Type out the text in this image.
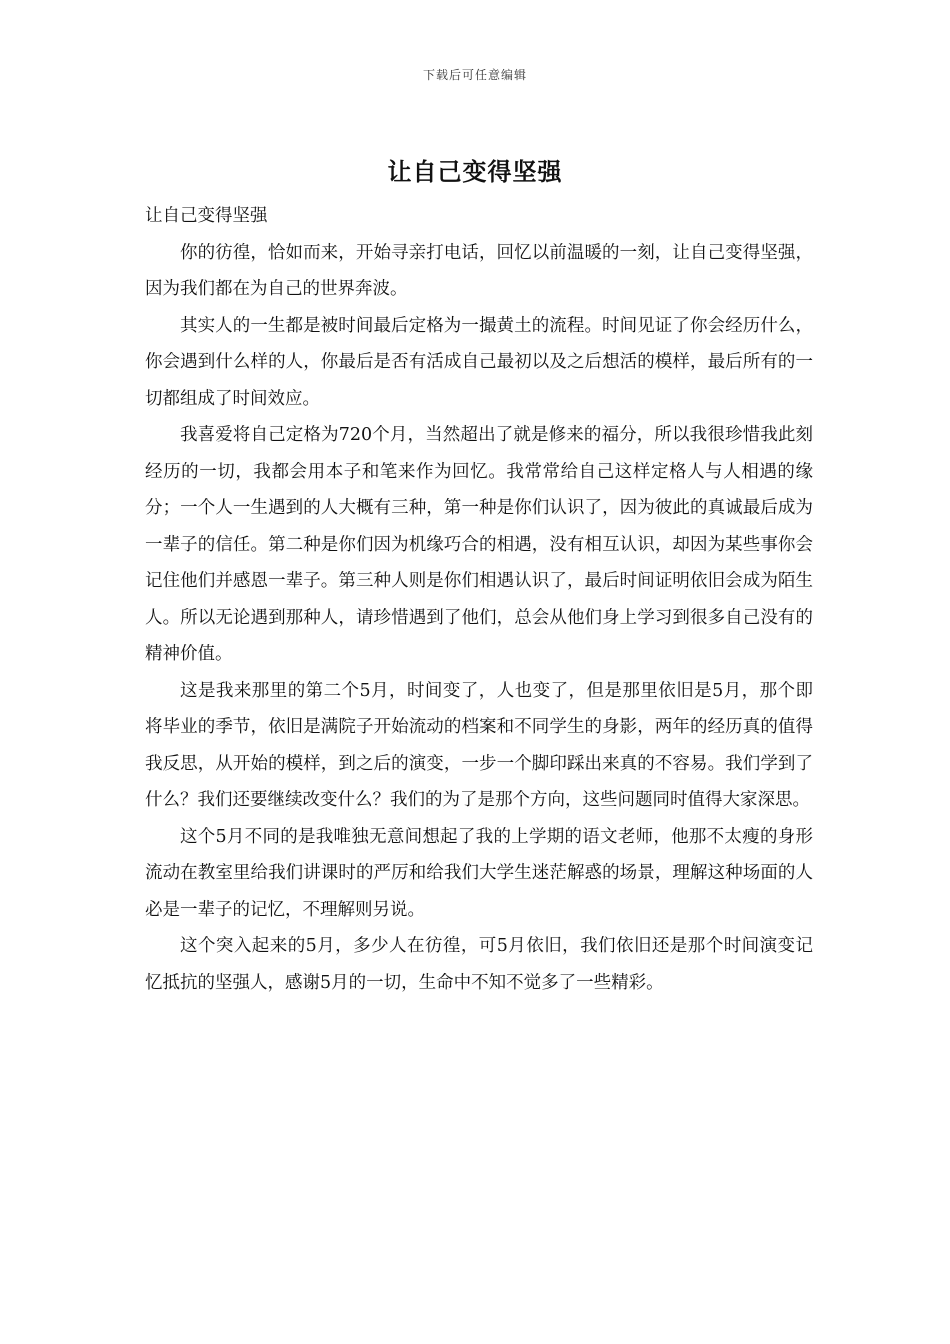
下载后可任意编辑
让自己变得坚强

让自己变得坚强

你的彷徨，恰如而来，开始寻亲打电话，回忆以前温暖的一刻，让自己变得坚强，因为我们都在为自己的世界奔波。

其实人的一生都是被时间最后定格为一撮黄土的流程。时间见证了你会经历什么，你会遇到什么样的人，你最后是否有活成自己最初以及之后想活的模样，最后所有的一切都组成了时间效应。

我喜爱将自己定格为720个月，当然超出了就是修来的福分，所以我很珍惜我此刻经历的一切，我都会用本子和笔来作为回忆。我常常给自己这样定格人与人相遇的缘分；一个人一生遇到的人大概有三种，第一种是你们认识了，因为彼此的真诚最后成为一辈子的信任。第二种是你们因为机缘巧合的相遇，没有相互认识，却因为某些事你会记住他们并感恩一辈子。第三种人则是你们相遇认识了，最后时间证明依旧会成为陌生人。所以无论遇到那种人，请珍惜遇到了他们，总会从他们身上学习到很多自己没有的精神价值。

这是我来那里的第二个5月，时间变了，人也变了，但是那里依旧是5月，那个即将毕业的季节，依旧是满院子开始流动的档案和不同学生的身影，两年的经历真的值得我反思，从开始的模样，到之后的演变，一步一个脚印踩出来真的不容易。我们学到了什么？我们还要继续改变什么？我们的为了是那个方向，这些问题同时值得大家深思。

这个5月不同的是我唯独无意间想起了我的上学期的语文老师，他那不太瘦的身形流动在教室里给我们讲课时的严厉和给我们大学生迷茫解惑的场景，理解这种场面的人必是一辈子的记忆，不理解则另说。

这个突入起来的5月，多少人在彷徨，可5月依旧，我们依旧还是那个时间演变记忆抵抗的坚强人，感谢5月的一切，生命中不知不觉多了一些精彩。
